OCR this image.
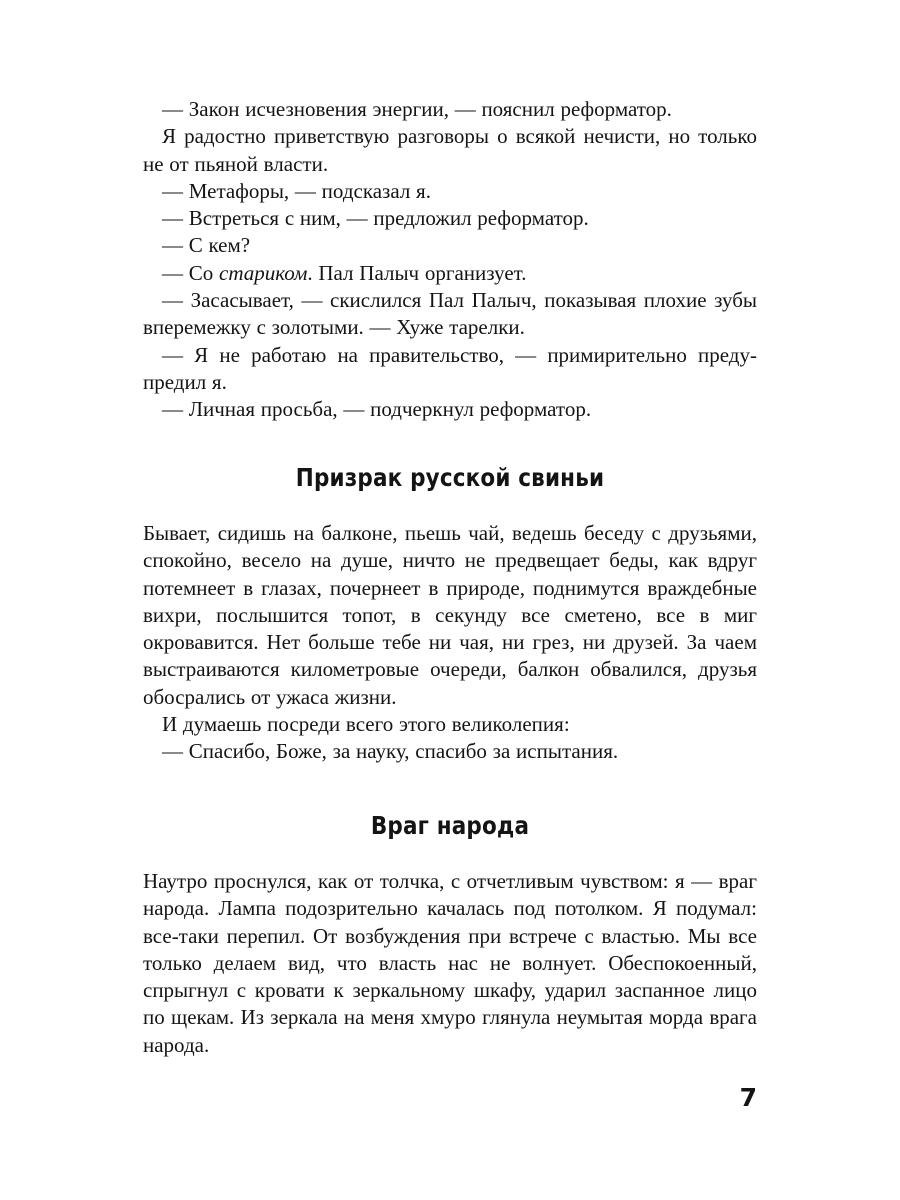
— Закон исчезновения энергии, — пояснил реформатор.

Я радостно приветствую разговоры о всякой нечисти, но только не от пьяной власти.

— Метафоры, — подсказал я.

— Встреться с ним, — предложил реформатор.

— С кем?

— Со стариком. Пал Палыч организует.

— Засасывает, — скислился Пал Палыч, показывая плохие зубы вперемежку с золотыми. — Хуже тарелки.

— Я не работаю на правительство, — примирительно предупредил я.

— Личная просьба, — подчеркнул реформатор.

Призрак русской свиньи

Бывает, сидишь на балконе, пьешь чай, ведешь беседу с друзьями, спокойно, весело на душе, ничто не предвещает беды, как вдруг потемнеет в глазах, почернеет в природе, поднимутся враждебные вихри, послышится топот, в секунду все сметено, все в миг окровавится. Нет больше тебе ни чая, ни грез, ни друзей. За чаем выстраиваются километровые очереди, балкон обвалился, друзья обосрались от ужаса жизни.

И думаешь посреди всего этого великолепия:

— Спасибо, Боже, за науку, спасибо за испытания.

Враг народа

Наутро проснулся, как от толчка, с отчетливым чувством: я — враг народа. Лампа подозрительно качалась под потолком. Я подумал: все-таки перепил. От возбуждения при встрече с властью. Мы все только делаем вид, что власть нас не волнует. Обеспокоенный, спрыгнул с кровати к зеркальному шкафу, ударил заспанное лицо по щекам. Из зеркала на меня хмуро глянула неумытая морда врага народа.

7
